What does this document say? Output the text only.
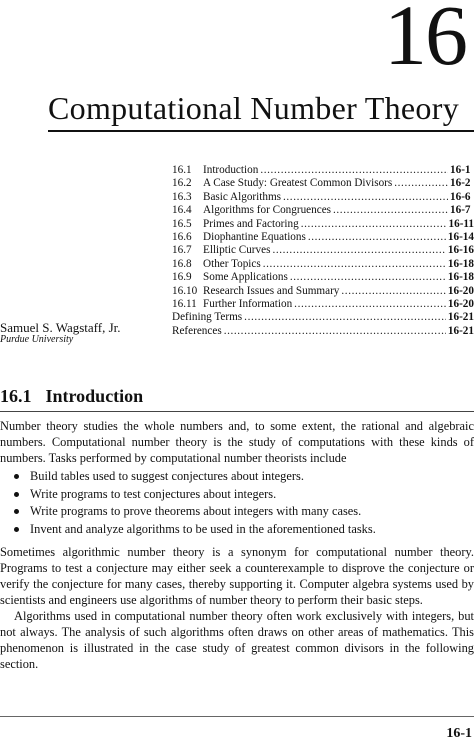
16
Computational Number Theory
16.1	Introduction .....	16-1
16.2	A Case Study: Greatest Common Divisors .....	16-2
16.3	Basic Algorithms .....	16-6
16.4	Algorithms for Congruences .....	16-7
16.5	Primes and Factoring .....	16-11
16.6	Diophantine Equations .....	16-14
16.7	Elliptic Curves .....	16-16
16.8	Other Topics .....	16-18
16.9	Some Applications .....	16-18
16.10 Research Issues and Summary .....	16-20
16.11 Further Information .....	16-20
Defining Terms .....	16-21
References .....	16-21
Samuel S. Wagstaff, Jr.
Purdue University
16.1 Introduction
Number theory studies the whole numbers and, to some extent, the rational and algebraic numbers. Computational number theory is the study of computations with these kinds of numbers. Tasks performed by computational number theorists include
Build tables used to suggest conjectures about integers.
Write programs to test conjectures about integers.
Write programs to prove theorems about integers with many cases.
Invent and analyze algorithms to be used in the aforementioned tasks.
Sometimes algorithmic number theory is a synonym for computational number theory. Programs to test a conjecture may either seek a counterexample to disprove the conjecture or verify the conjecture for many cases, thereby supporting it. Computer algebra systems used by scientists and engineers use algorithms of number theory to perform their basic steps.
Algorithms used in computational number theory often work exclusively with integers, but not always. The analysis of such algorithms often draws on other areas of mathematics. This phenomenon is illustrated in the case study of greatest common divisors in the following section.
16-1
